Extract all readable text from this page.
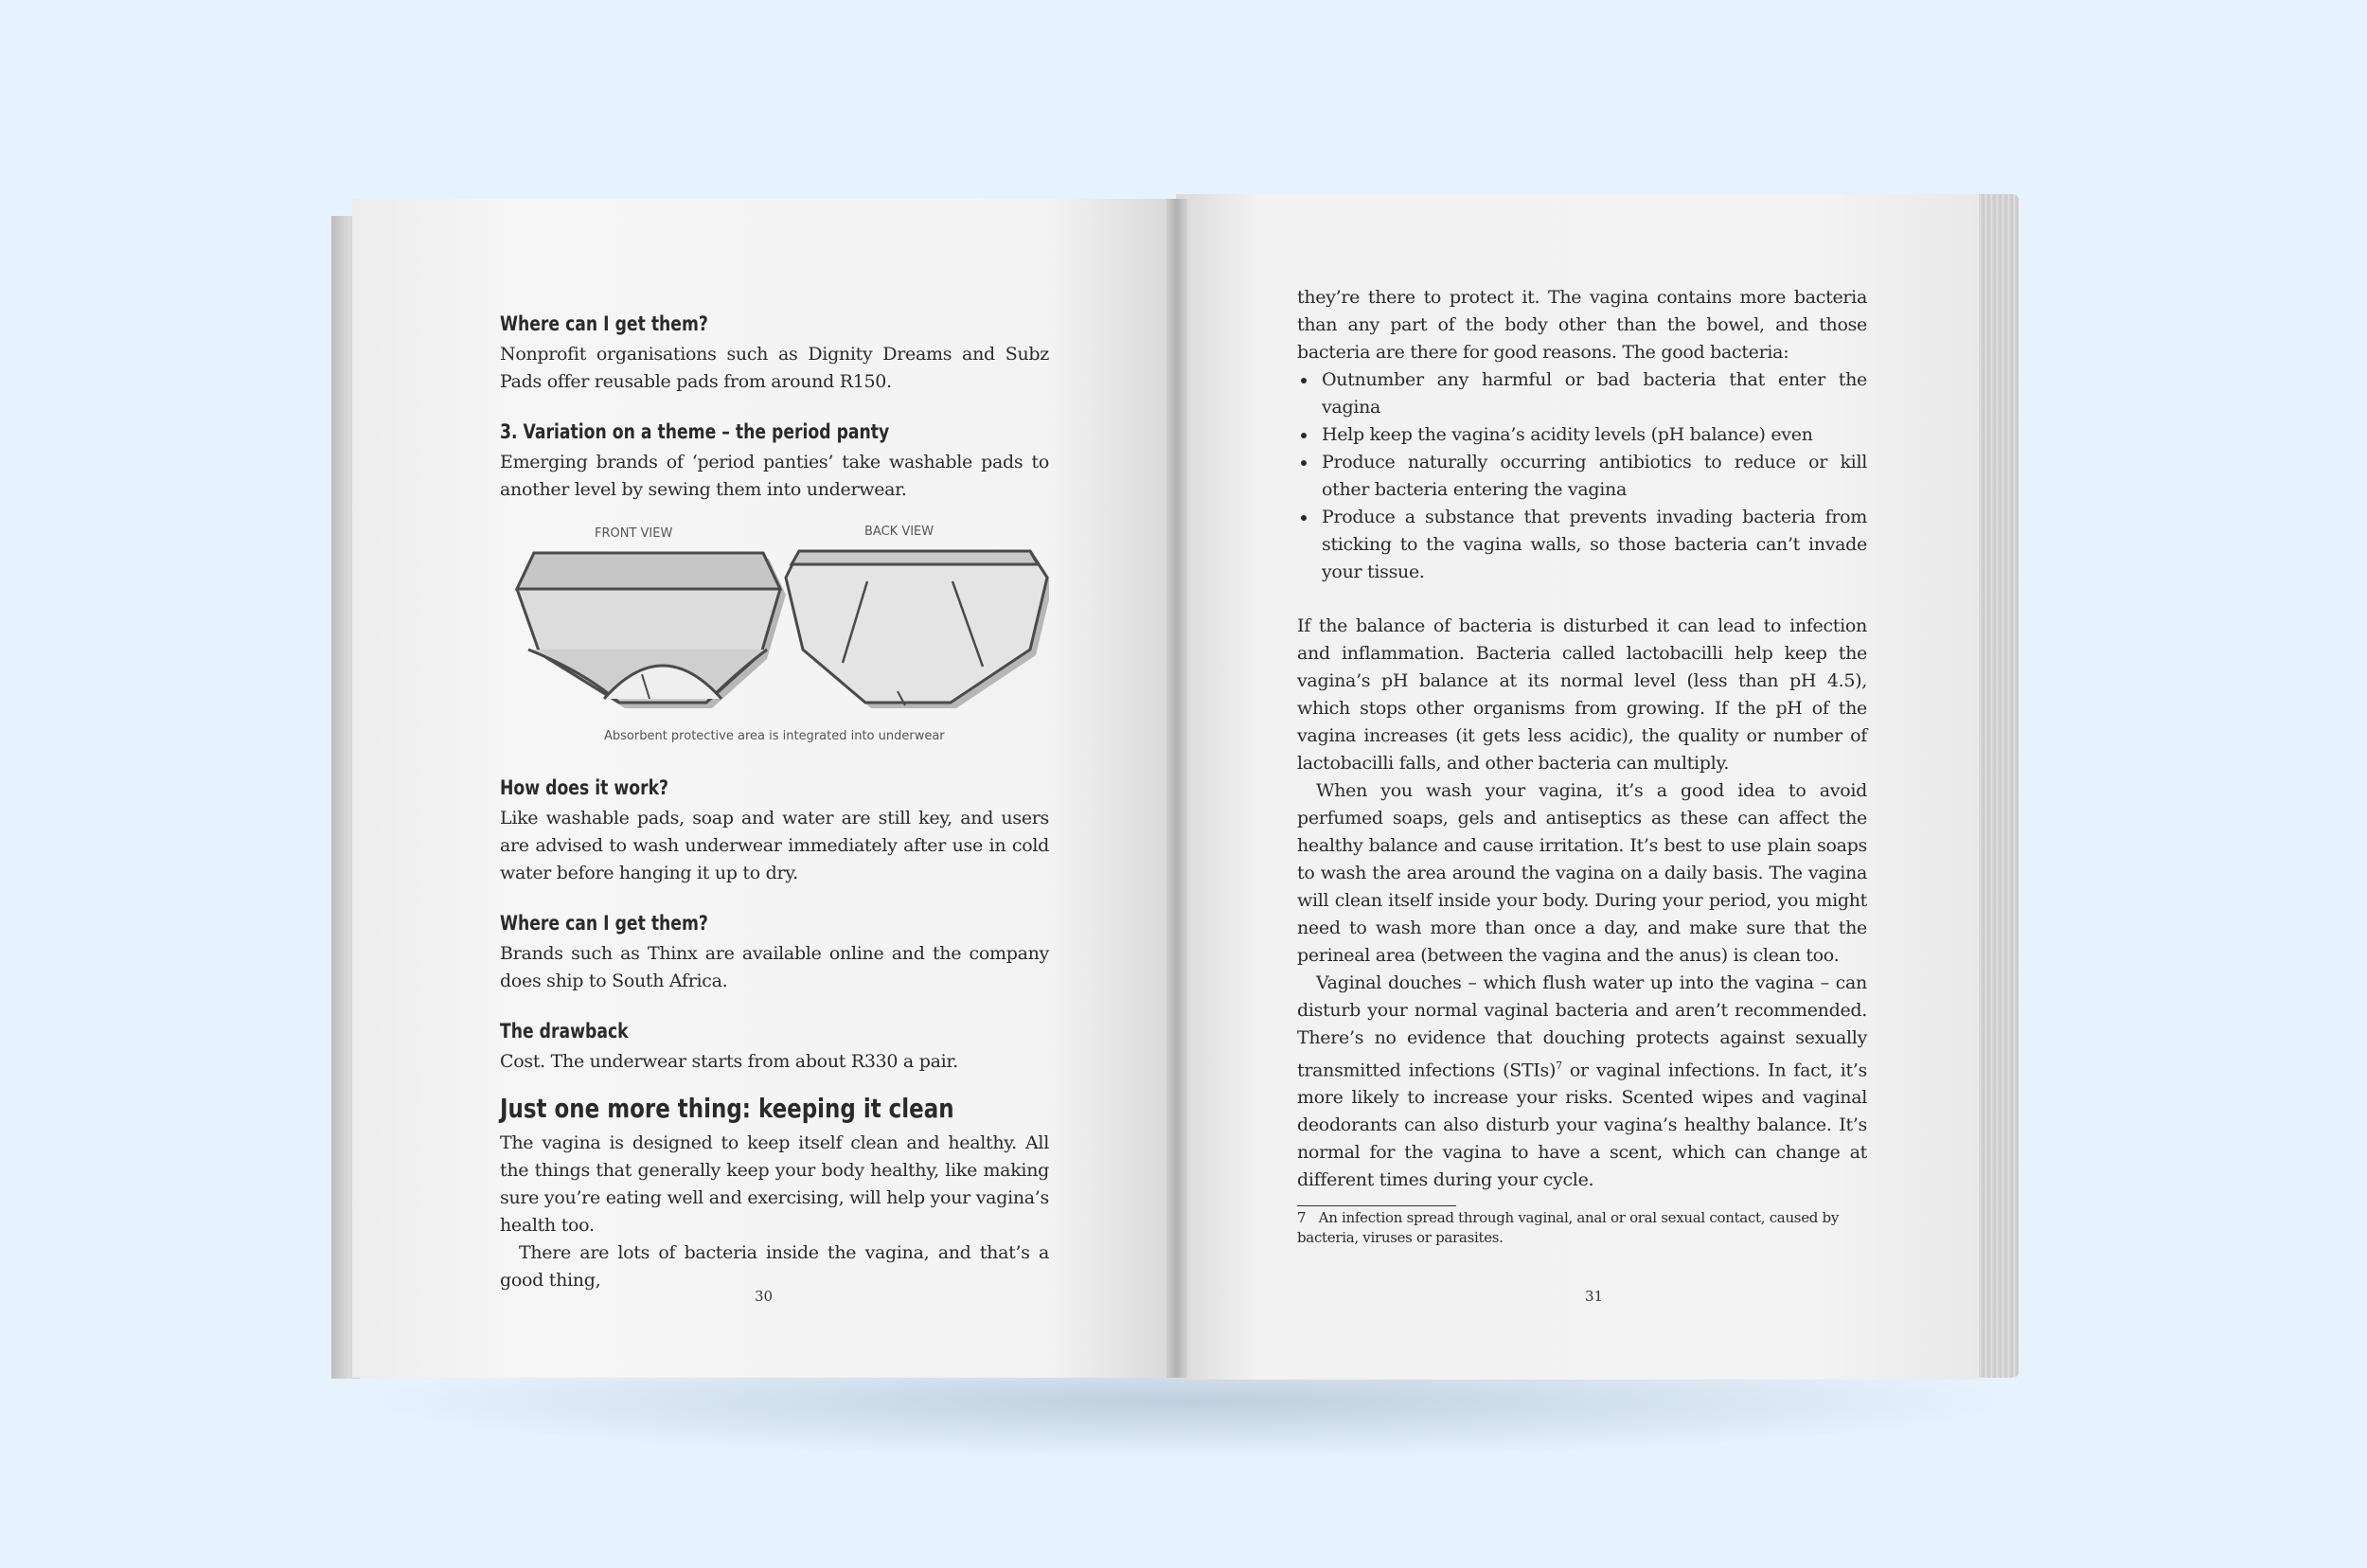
Where can I get them?

Nonprofit organisations such as Dignity Dreams and Subz Pads offer reusable pads from around R150.

3. Variation on a theme – the period panty

Emerging brands of ‘period panties’ take washable pads to another level by sewing them into underwear.

FRONT VIEW	BACK VIEW
Absorbent protective area is integrated into underwear
How does it work?

Like washable pads, soap and water are still key, and users are advised to wash underwear immediately after use in cold water before hanging it up to dry.

Where can I get them?

Brands such as Thinx are available online and the company does ship to South Africa.

The drawback

Cost. The underwear starts from about R330 a pair.

Just one more thing: keeping it clean

The vagina is designed to keep itself clean and healthy. All the things that generally keep your body healthy, like making sure you’re eating well and exercising, will help your vagina’s health too.

There are lots of bacteria inside the vagina, and that’s a good thing,

30

they’re there to protect it. The vagina contains more bacteria than any part of the body other than the bowel, and those bacteria are there for good reasons. The good bacteria:

• Outnumber any harmful or bad bacteria that enter the vagina
• Help keep the vagina’s acidity levels (pH balance) even
• Produce naturally occurring antibiotics to reduce or kill other bacteria entering the vagina
• Produce a substance that prevents invading bacteria from sticking to the vagina walls, so those bacteria can’t invade your tissue.

If the balance of bacteria is disturbed it can lead to infection and inflammation. Bacteria called lactobacilli help keep the vagina’s pH balance at its normal level (less than pH 4.5), which stops other organisms from growing. If the pH of the vagina increases (it gets less acidic), the quality or number of lactobacilli falls, and other bacteria can multiply.

When you wash your vagina, it’s a good idea to avoid perfumed soaps, gels and antiseptics as these can affect the healthy balance and cause irritation. It’s best to use plain soaps to wash the area around the vagina on a daily basis. The vagina will clean itself inside your body. During your period, you might need to wash more than once a day, and make sure that the perineal area (between the vagina and the anus) is clean too.

Vaginal douches – which flush water up into the vagina – can disturb your normal vaginal bacteria and aren’t recommended. There’s no evidence that douching protects against sexually transmitted infections (STIs)$^7$ or vaginal infections. In fact, it’s more likely to increase your risks. Scented wipes and vaginal deodorants can also disturb your vagina’s healthy balance. It’s normal for the vagina to have a scent, which can change at different times during your cycle.

7 An infection spread through vaginal, anal or oral sexual contact, caused by bacteria, viruses or parasites.
31
